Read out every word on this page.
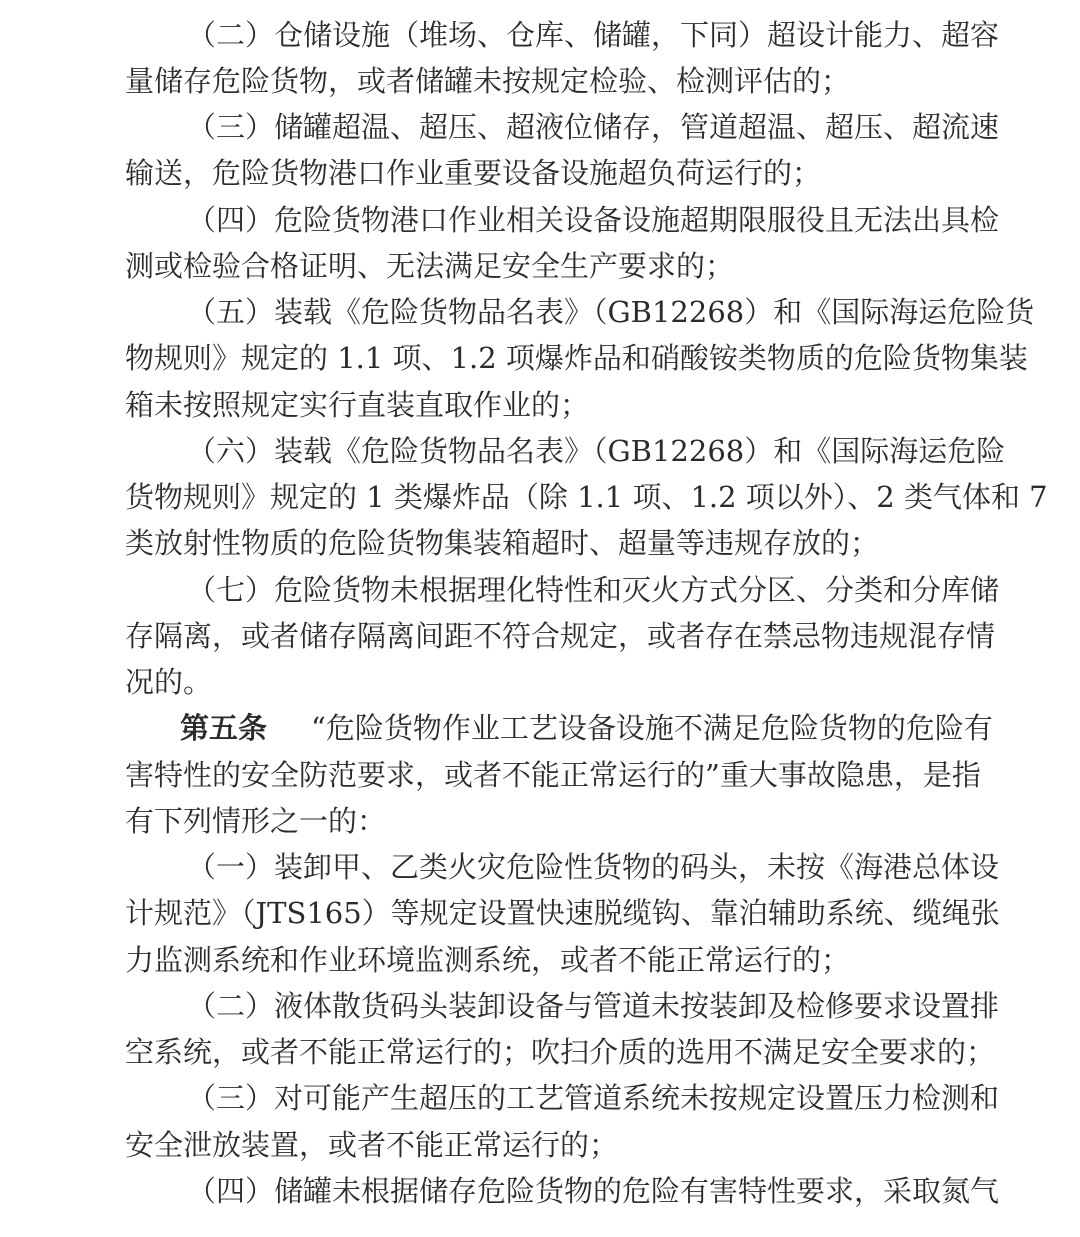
（二）仓储设施（堆场、仓库、储罐，下同）超设计能力、超容
量储存危险货物，或者储罐未按规定检验、检测评估的；
（三）储罐超温、超压、超液位储存，管道超温、超压、超流速
输送，危险货物港口作业重要设备设施超负荷运行的；
（四）危险货物港口作业相关设备设施超期限服役且无法出具检
测或检验合格证明、无法满足安全生产要求的；
（五）装载《危险货物品名表》（GB12268）和《国际海运危险货
物规则》规定的 1.1 项、1.2 项爆炸品和硝酸铵类物质的危险货物集装
箱未按照规定实行直装直取作业的；
（六）装载《危险货物品名表》（GB12268）和《国际海运危险
货物规则》规定的 1 类爆炸品（除 1.1 项、1.2 项以外）、2 类气体和 7
类放射性物质的危险货物集装箱超时、超量等违规存放的；
（七）危险货物未根据理化特性和灭火方式分区、分类和分库储
存隔离，或者储存隔离间距不符合规定，或者存在禁忌物违规混存情
况的。
第五条 “危险货物作业工艺设备设施不满足危险货物的危险有
害特性的安全防范要求，或者不能正常运行的”重大事故隐患，是指
有下列情形之一的：
（一）装卸甲、乙类火灾危险性货物的码头，未按《海港总体设
计规范》（JTS165）等规定设置快速脱缆钩、靠泊辅助系统、缆绳张
力监测系统和作业环境监测系统，或者不能正常运行的；
（二）液体散货码头装卸设备与管道未按装卸及检修要求设置排
空系统，或者不能正常运行的；吹扫介质的选用不满足安全要求的；
（三）对可能产生超压的工艺管道系统未按规定设置压力检测和
安全泄放装置，或者不能正常运行的；
（四）储罐未根据储存危险货物的危险有害特性要求，采取氮气
